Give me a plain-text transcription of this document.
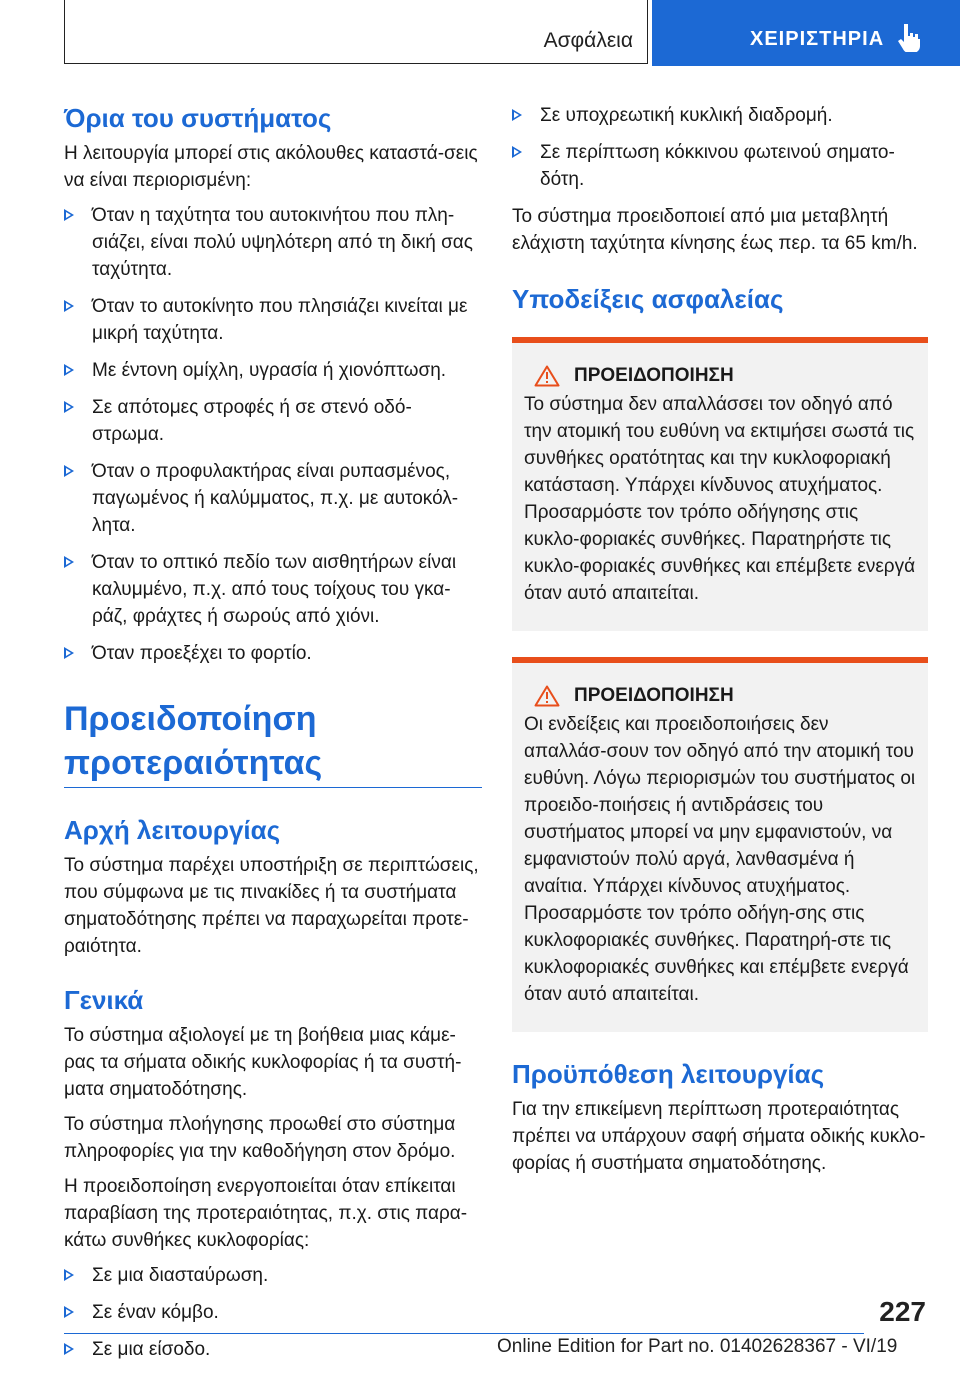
Ασφάλεια	ΧΕΙΡΙΣΤΗΡΙΑ
Όρια του συστήματος

Η λειτουργία μπορεί στις ακόλουθες καταστά-σεις να είναι περιορισμένη:

Όταν η ταχύτητα του αυτοκινήτου που πλη-σιάζει, είναι πολύ υψηλότερη από τη δική σας ταχύτητα.
Όταν το αυτοκίνητο που πλησιάζει κινείται με μικρή ταχύτητα.
Με έντονη ομίχλη, υγρασία ή χιονόπτωση.
Σε απότομες στροφές ή σε στενό οδό-στρωμα.
Όταν ο προφυλακτήρας είναι ρυπασμένος, παγωμένος ή καλύμματος, π.χ. με αυτοκόλ-λητα.
Όταν το οπτικό πεδίο των αισθητήρων είναι καλυμμένο, π.χ. από τους τοίχους του γκα-ράζ, φράχτες ή σωρούς από χιόνι.
Όταν προεξέχει το φορτίο.
Προειδοποίηση προτεραιότητας
Αρχή λειτουργίας

Το σύστημα παρέχει υποστήριξη σε περιπτώσεις, που σύμφωνα με τις πινακίδες ή τα συστήματα σηματοδότησης πρέπει να παραχωρείται προτε-ραιότητα.

Γενικά

Το σύστημα αξιολογεί με τη βοήθεια μιας κάμε-ρας τα σήματα οδικής κυκλοφορίας ή τα συστή-ματα σηματοδότησης.

Το σύστημα πλοήγησης προωθεί στο σύστημα πληροφορίες για την καθοδήγηση στον δρόμο.

Η προειδοποίηση ενεργοποιείται όταν επίκειται παραβίαση της προτεραιότητας, π.χ. στις παρα-κάτω συνθήκες κυκλοφορίας:

Σε μια διασταύρωση.
Σε έναν κόμβο.
Σε μια είσοδο.
Σε υποχρεωτική κυκλική διαδρομή.
Σε περίπτωση κόκκινου φωτεινού σηματο-δότη.

Το σύστημα προειδοποιεί από μια μεταβλητή ελάχιστη ταχύτητα κίνησης έως περ. τα 65 km/h.

Υποδείξεις ασφαλείας
ΠΡΟΕΙΔΟΠΟΙΗΣΗ

Το σύστημα δεν απαλλάσσει τον οδηγό από την ατομική του ευθύνη να εκτιμήσει σωστά τις συνθήκες ορατότητας και την κυκλοφοριακή κατάσταση. Υπάρχει κίνδυνος ατυχήματος. Προσαρμόστε τον τρόπο οδήγησης στις κυκλο-φοριακές συνθήκες. Παρατηρήστε τις κυκλο-φοριακές συνθήκες και επέμβετε ενεργά όταν αυτό απαιτείται.

ΠΡΟΕΙΔΟΠΟΙΗΣΗ

Οι ενδείξεις και προειδοποιήσεις δεν απαλλάσ-σουν τον οδηγό από την ατομική του ευθύνη. Λόγω περιορισμών του συστήματος οι προειδο-ποιήσεις ή αντιδράσεις του συστήματος μπορεί να μην εμφανιστούν, να εμφανιστούν πολύ αργά, λανθασμένα ή αναίτια. Υπάρχει κίνδυνος ατυχήματος. Προσαρμόστε τον τρόπο οδήγη-σης στις κυκλοφοριακές συνθήκες. Παρατηρή-στε τις κυκλοφοριακές συνθήκες και επέμβετε ενεργά όταν αυτό απαιτείται.

Προϋπόθεση λειτουργίας

Για την επικείμενη περίπτωση προτεραιότητας πρέπει να υπάρχουν σαφή σήματα οδικής κυκλο-φορίας ή συστήματα σηματοδότησης.

227
Online Edition for Part no. 01402628367 - VI/19
